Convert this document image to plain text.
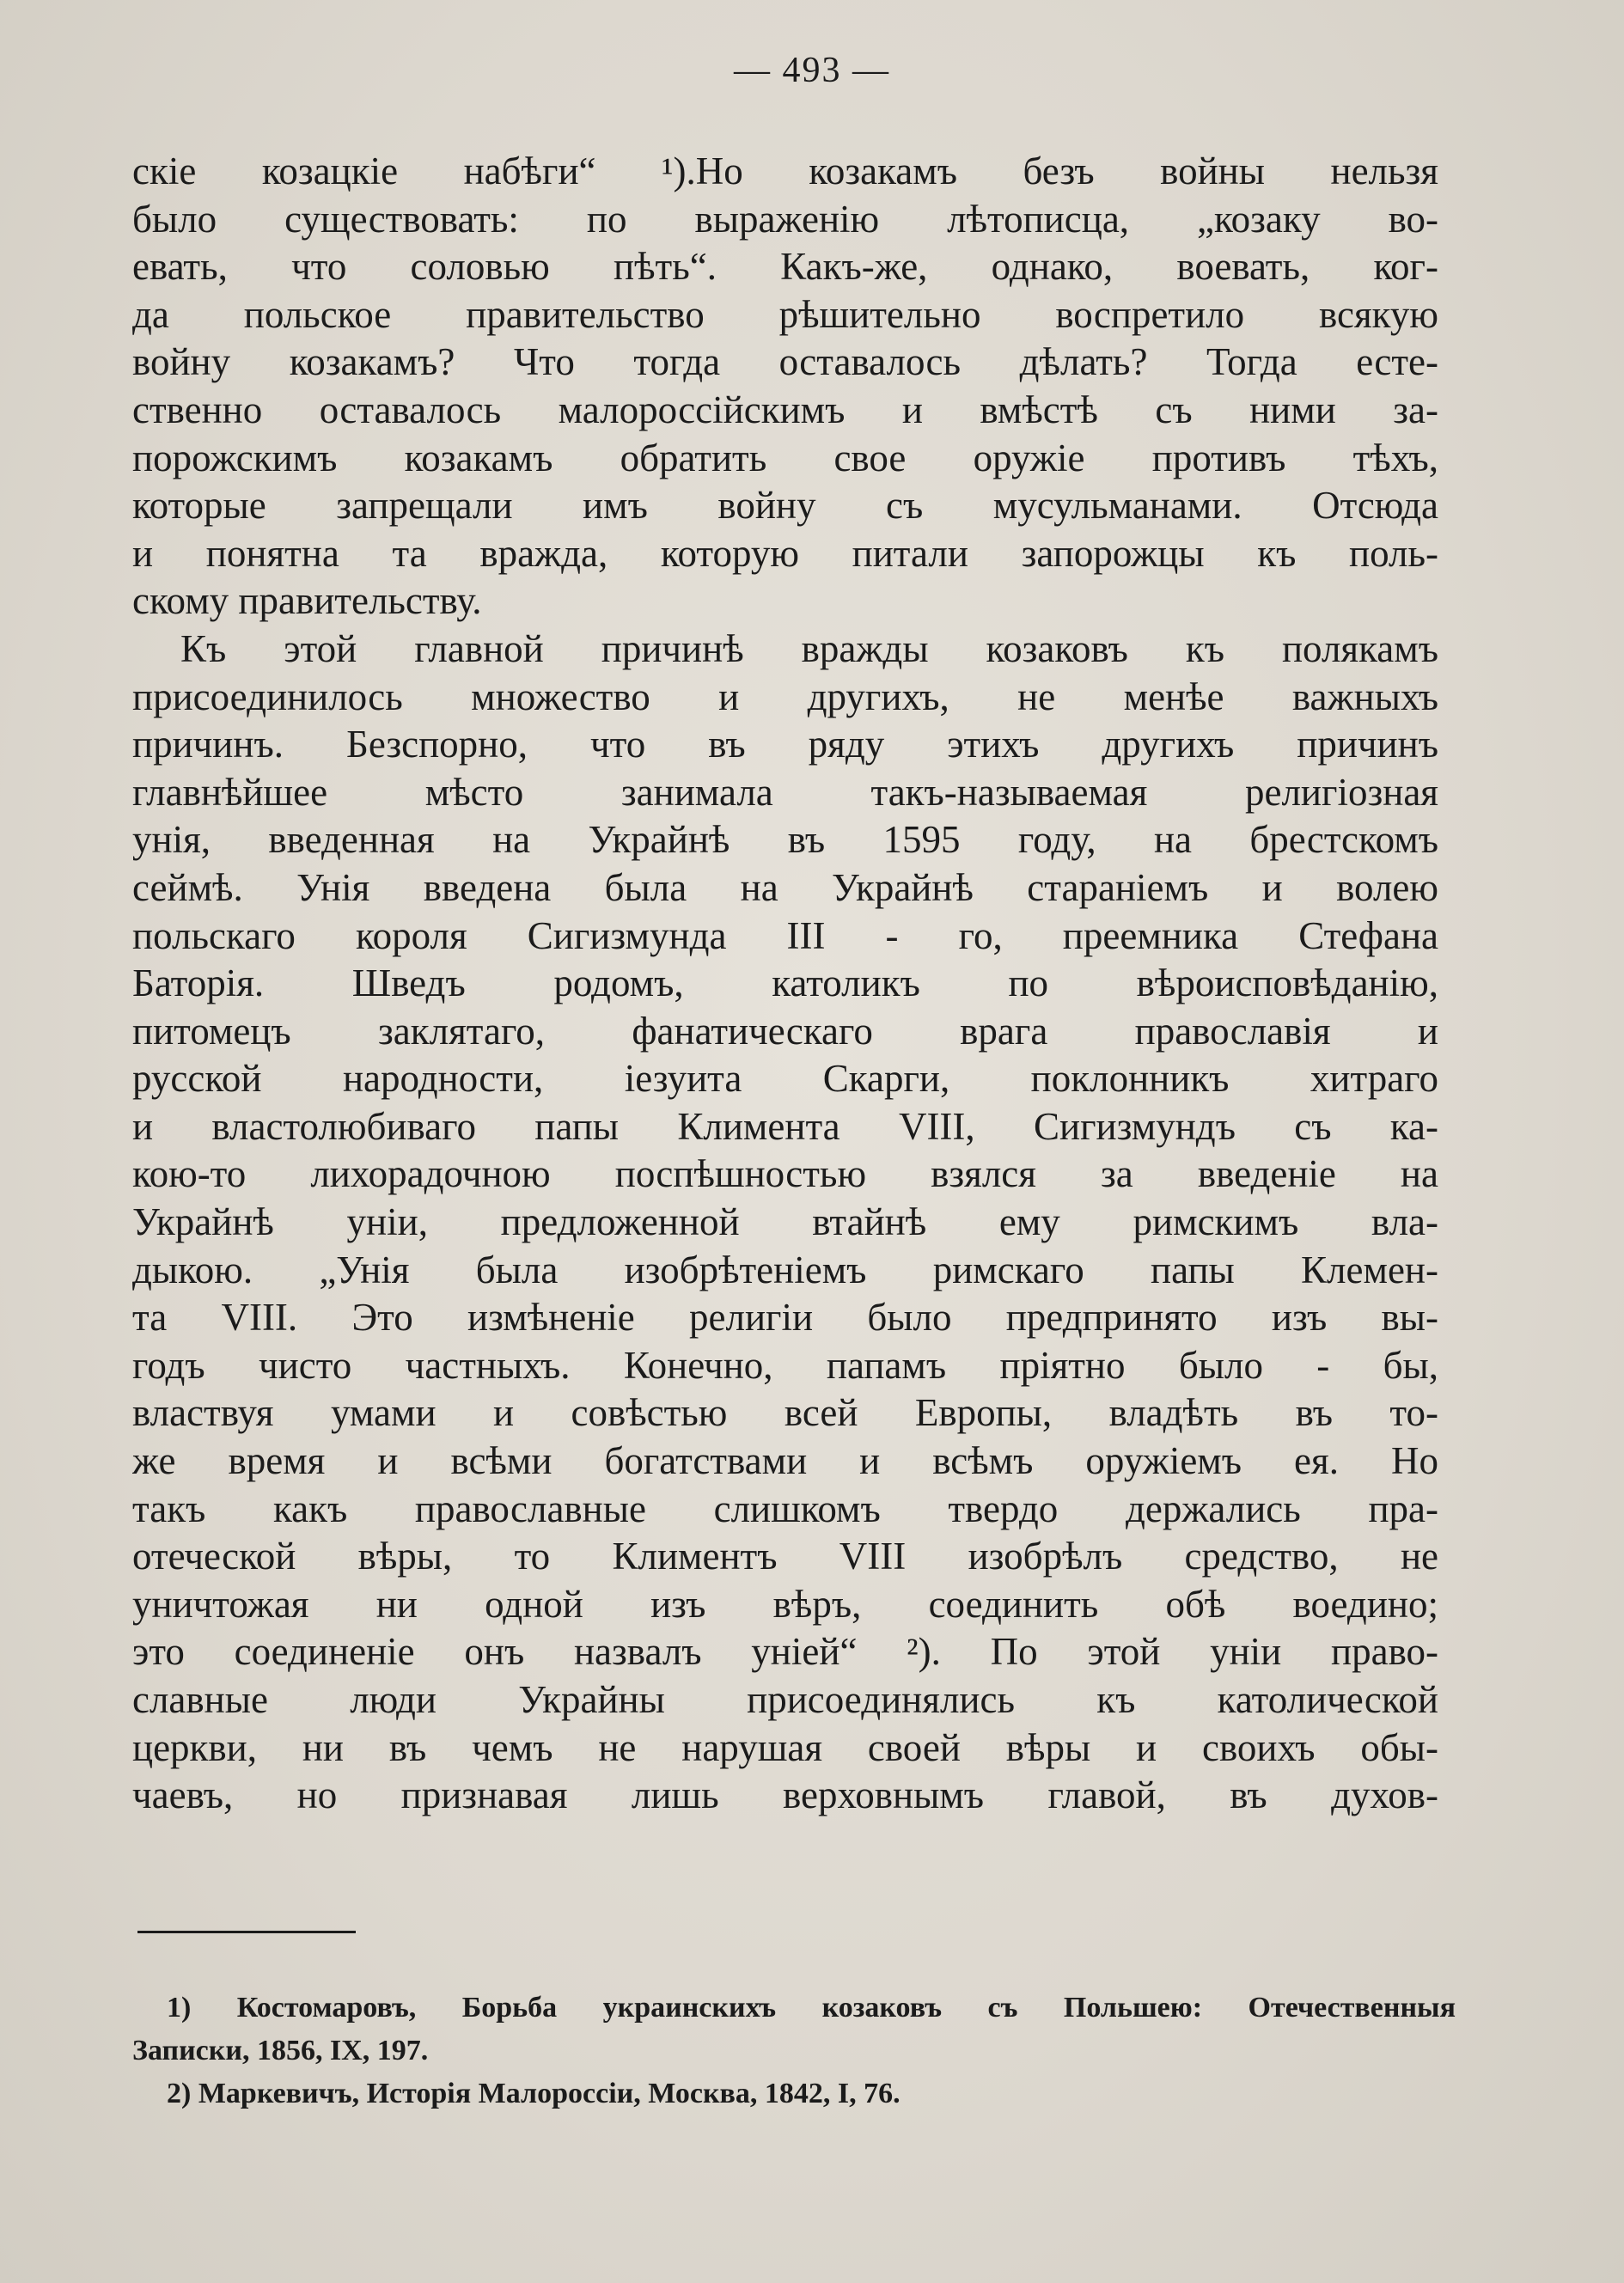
— 493 —
скіе козацкіе набѣги“ ¹).Но козакамъ безъ войны нельзя
было существовать: по выраженію лѣтописца, „козаку во-
евать, что соловью пѣть“. Какъ-же, однако, воевать, ког-
да польское правительство рѣшительно воспретило всякую
войну козакамъ? Что тогда оставалось дѣлать? Тогда есте-
ственно оставалось малороссійскимъ и вмѣстѣ съ ними за-
порожскимъ козакамъ обратить свое оружіе противъ тѣхъ,
которые запрещали имъ войну съ мусульманами. Отсюда
и понятна та вражда, которую питали запорожцы къ поль-
скому правительству.
Къ этой главной причинѣ вражды козаковъ къ полякамъ
присоединилось множество и другихъ, не менѣе важныхъ
причинъ. Безспорно, что въ ряду этихъ другихъ причинъ
главнѣйшее мѣсто занимала такъ-называемая религіозная
унія, введенная на Украйнѣ въ 1595 году, на брестскомъ
сеймѣ. Унія введена была на Украйнѣ стараніемъ и волею
польскаго короля Сигизмунда III - го, преемника Стефана
Баторія. Шведъ родомъ, католикъ по вѣроисповѣданію,
питомецъ заклятаго, фанатическаго врага православія и
русской народности, іезуита Скарги, поклонникъ хитраго
и властолюбиваго папы Климента VIII, Сигизмундъ съ ка-
кою-то лихорадочною поспѣшностью взялся за введеніе на
Украйнѣ уніи, предложенной втайнѣ ему римскимъ вла-
дыкою. „Унія была изобрѣтеніемъ римскаго папы Клемен-
та VIII. Это измѣненіе религіи было предпринято изъ вы-
годъ чисто частныхъ. Конечно, папамъ пріятно было - бы,
властвуя умами и совѣстью всей Европы, владѣть въ то-
же время и всѣми богатствами и всѣмъ оружіемъ ея. Но
такъ какъ православные слишкомъ твердо держались пра-
отеческой вѣры, то Климентъ VIII изобрѣлъ средство, не
уничтожая ни одной изъ вѣръ, соединить обѣ воедино;
это соединеніе онъ назвалъ уніей“ ²). По этой уніи право-
славные люди Украйны присоединялись къ католической
церкви, ни въ чемъ не нарушая своей вѣры и своихъ обы-
чаевъ, но признавая лишь верховнымъ главой, въ духов-
1) Костомаровъ, Борьба украинскихъ козаковъ съ Польшею: Отечественныя
Записки, 1856, IX, 197.
2) Маркевичъ, Исторія Малороссіи, Москва, 1842, I, 76.
